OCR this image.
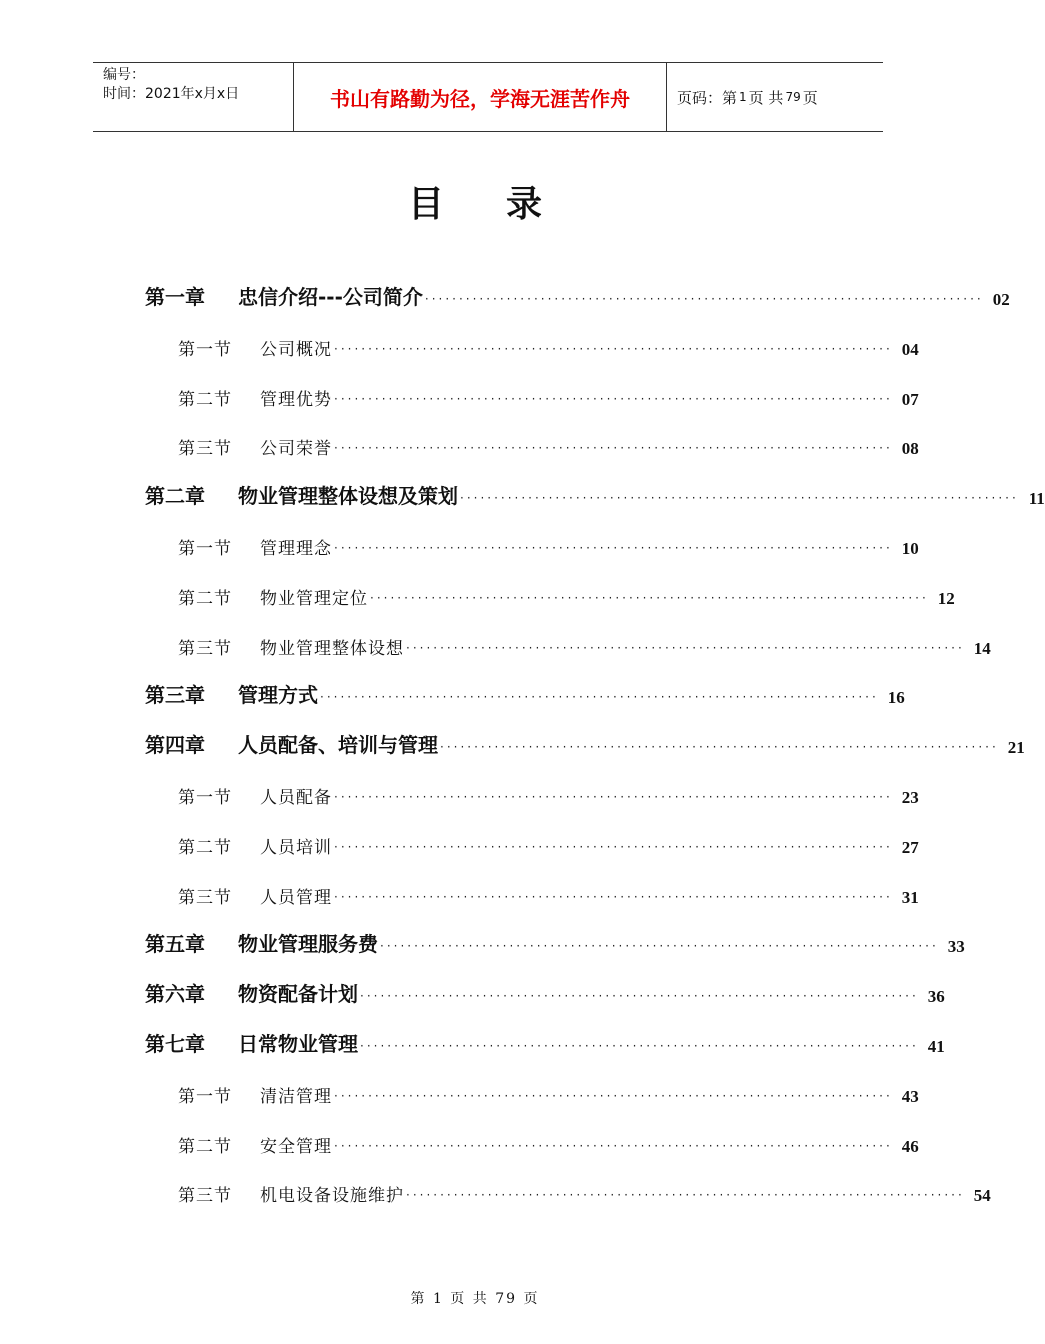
编号：
时间：2021年x月x日	书山有路勤为径，学海无涯苦作舟	页码：第 1 页 共 79 页
目录
第一章	忠信介绍---公司简介 ·················································································· 02
第一节	公司概况 ·················································································· 04
第二节	管理优势 ·················································································· 07
第三节	公司荣誉 ·················································································· 08
第二章	物业管理整体设想及策划 ·················································································· 11
第一节	管理理念 ·················································································· 10
第二节	物业管理定位 ·················································································· 12
第三节	物业管理整体设想 ·················································································· 14
第三章	管理方式 ·················································································· 16
第四章	人员配备、培训与管理 ·················································································· 21
第一节	人员配备 ·················································································· 23
第二节	人员培训 ·················································································· 27
第三节	人员管理 ·················································································· 31
第五章	物业管理服务费 ·················································································· 33
第六章	物资配备计划 ·················································································· 36
第七章	日常物业管理 ·················································································· 41
第一节	清洁管理 ·················································································· 43
第二节	安全管理 ·················································································· 46
第三节	机电设备设施维护 ·················································································· 54
第 1 页 共 79 页
